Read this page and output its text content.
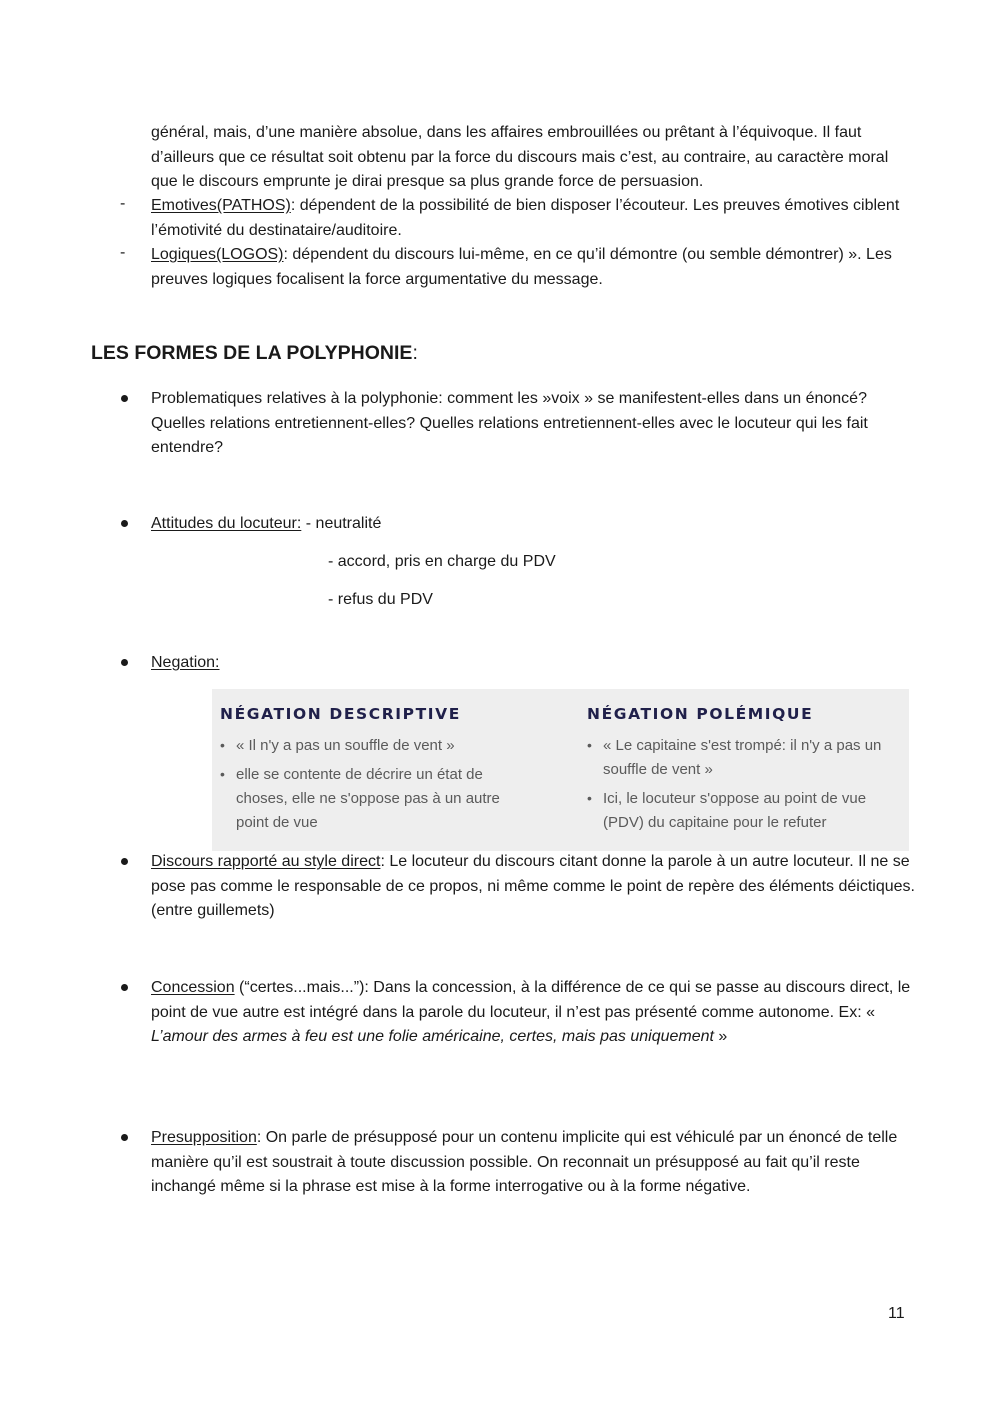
général, mais, d’une manière absolue, dans les affaires embrouillées ou prêtant à l’équivoque. Il faut d’ailleurs que ce résultat soit obtenu par la force du discours mais c’est, au contraire, au caractère moral que le discours emprunte je dirai presque sa plus grande force de persuasion.
- Emotives(PATHOS): dépendent de la possibilité de bien disposer l’écouteur. Les preuves émotives ciblent l’émotivité du destinataire/auditoire.
- Logiques(LOGOS): dépendent du discours lui-même, en ce qu’il démontre (ou semble démontrer) ». Les preuves logiques focalisent la force argumentative du message.
LES FORMES DE LA POLYPHONIE:
Problematiques relatives à la polyphonie: comment les »voix » se manifestent-elles dans un énoncé? Quelles relations entretiennent-elles? Quelles relations entretiennent-elles avec le locuteur qui les fait entendre?
Attitudes du locuteur: - neutralité
- accord, pris en charge du PDV
- refus du PDV
Negation:
NÉGATION DESCRIPTIVE
• « Il n'y a pas un souffle de vent »
• elle se contente de décrire un état de choses, elle ne s'oppose pas à un autre point de vue
NÉGATION POLÉMIQUE
• « Le capitaine s'est trompé: il n'y a pas un souffle de vent »
• Ici, le locuteur s'oppose au point de vue (PDV) du capitaine pour le refuter
Discours rapporté au style direct: Le locuteur du discours citant donne la parole à un autre locuteur. Il ne se pose pas comme le responsable de ce propos, ni même comme le point de repère des éléments déictiques. (entre guillemets)
Concession (“certes...mais...”): Dans la concession, à la différence de ce qui se passe au discours direct, le point de vue autre est intégré dans la parole du locuteur, il n’est pas présenté comme autonome. Ex: « L’amour des armes à feu est une folie américaine, certes, mais pas uniquement »
Presupposition: On parle de présupposé pour un contenu implicite qui est véhiculé par un énoncé de telle manière qu’il est soustrait à toute discussion possible. On reconnait un présupposé au fait qu’il reste inchangé même si la phrase est mise à la forme interrogative ou à la forme négative.
11
